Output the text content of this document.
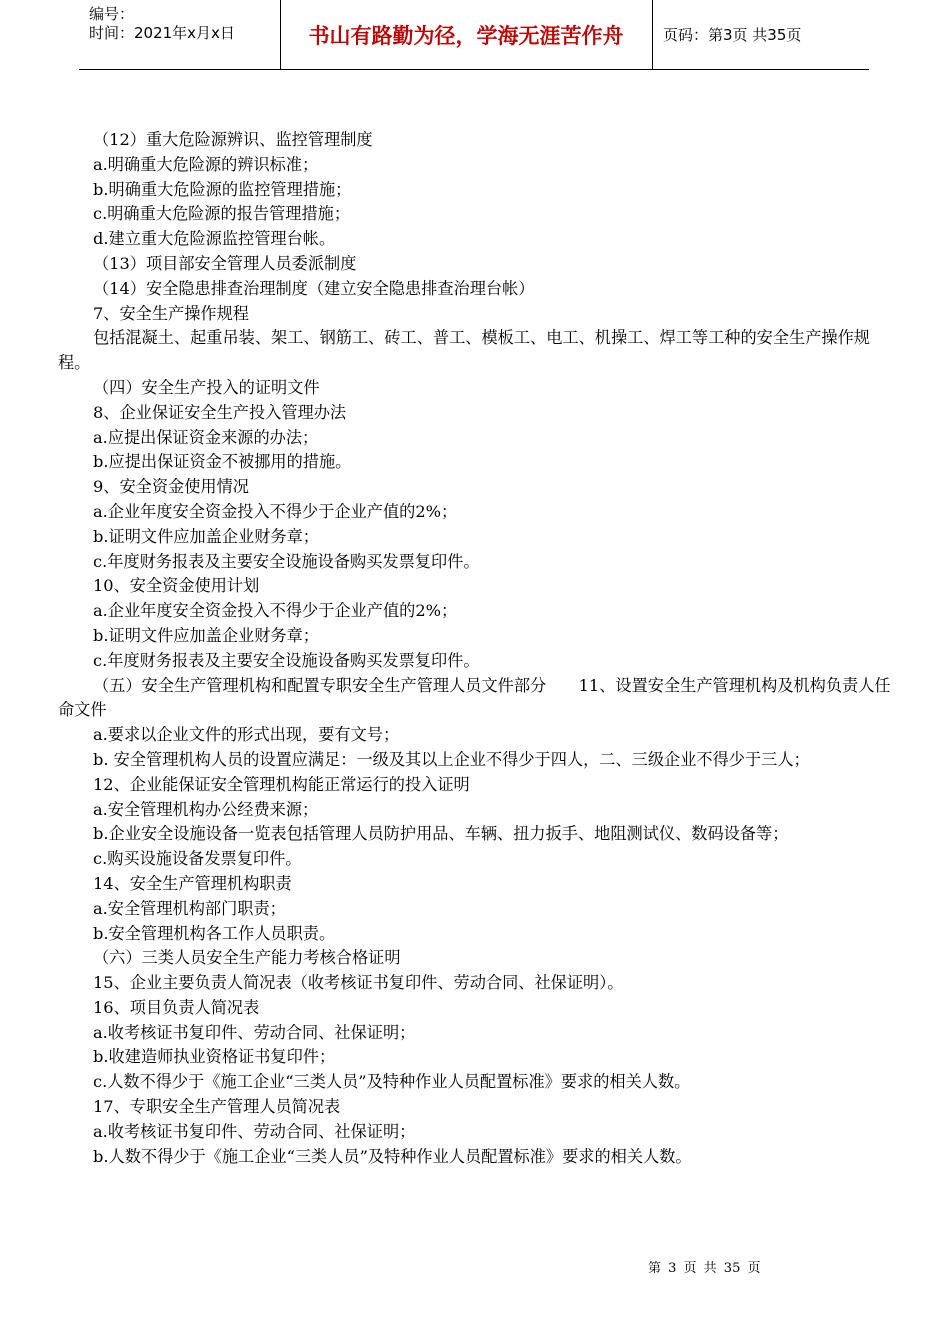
编号：
时间：2021年x月x日	书山有路勤为径，学海无涯苦作舟	页码：第3页 共35页

（12）重大危险源辨识、监控管理制度

a.明确重大危险源的辨识标准；

b.明确重大危险源的监控管理措施；

c.明确重大危险源的报告管理措施；

d.建立重大危险源监控管理台帐。

（13）项目部安全管理人员委派制度

（14）安全隐患排查治理制度（建立安全隐患排查治理台帐）

7、安全生产操作规程

包括混凝土、起重吊装、架工、钢筋工、砖工、普工、模板工、电工、机操工、焊工等工种的安全生产操作规程。

（四）安全生产投入的证明文件

8、企业保证安全生产投入管理办法

a.应提出保证资金来源的办法；

b.应提出保证资金不被挪用的措施。

9、安全资金使用情况

a.企业年度安全资金投入不得少于企业产值的2%；

b.证明文件应加盖企业财务章；

c.年度财务报表及主要安全设施设备购买发票复印件。

10、安全资金使用计划

a.企业年度安全资金投入不得少于企业产值的2%；

b.证明文件应加盖企业财务章；

c.年度财务报表及主要安全设施设备购买发票复印件。

（五）安全生产管理机构和配置专职安全生产管理人员文件部分　　11、设置安全生产管理机构及机构负责人任命文件

a.要求以企业文件的形式出现，要有文号；

b. 安全管理机构人员的设置应满足：一级及其以上企业不得少于四人，二、三级企业不得少于三人；

12、企业能保证安全管理机构能正常运行的投入证明

a.安全管理机构办公经费来源；

b.企业安全设施设备一览表包括管理人员防护用品、车辆、扭力扳手、地阻测试仪、数码设备等；

c.购买设施设备发票复印件。

14、安全生产管理机构职责

a.安全管理机构部门职责；

b.安全管理机构各工作人员职责。

（六）三类人员安全生产能力考核合格证明

15、企业主要负责人简况表（收考核证书复印件、劳动合同、社保证明）。

16、项目负责人简况表

a.收考核证书复印件、劳动合同、社保证明；

b.收建造师执业资格证书复印件；

c.人数不得少于《施工企业“三类人员”及特种作业人员配置标准》要求的相关人数。

17、专职安全生产管理人员简况表

a.收考核证书复印件、劳动合同、社保证明；

b.人数不得少于《施工企业“三类人员”及特种作业人员配置标准》要求的相关人数。

第 3 页 共 35 页
